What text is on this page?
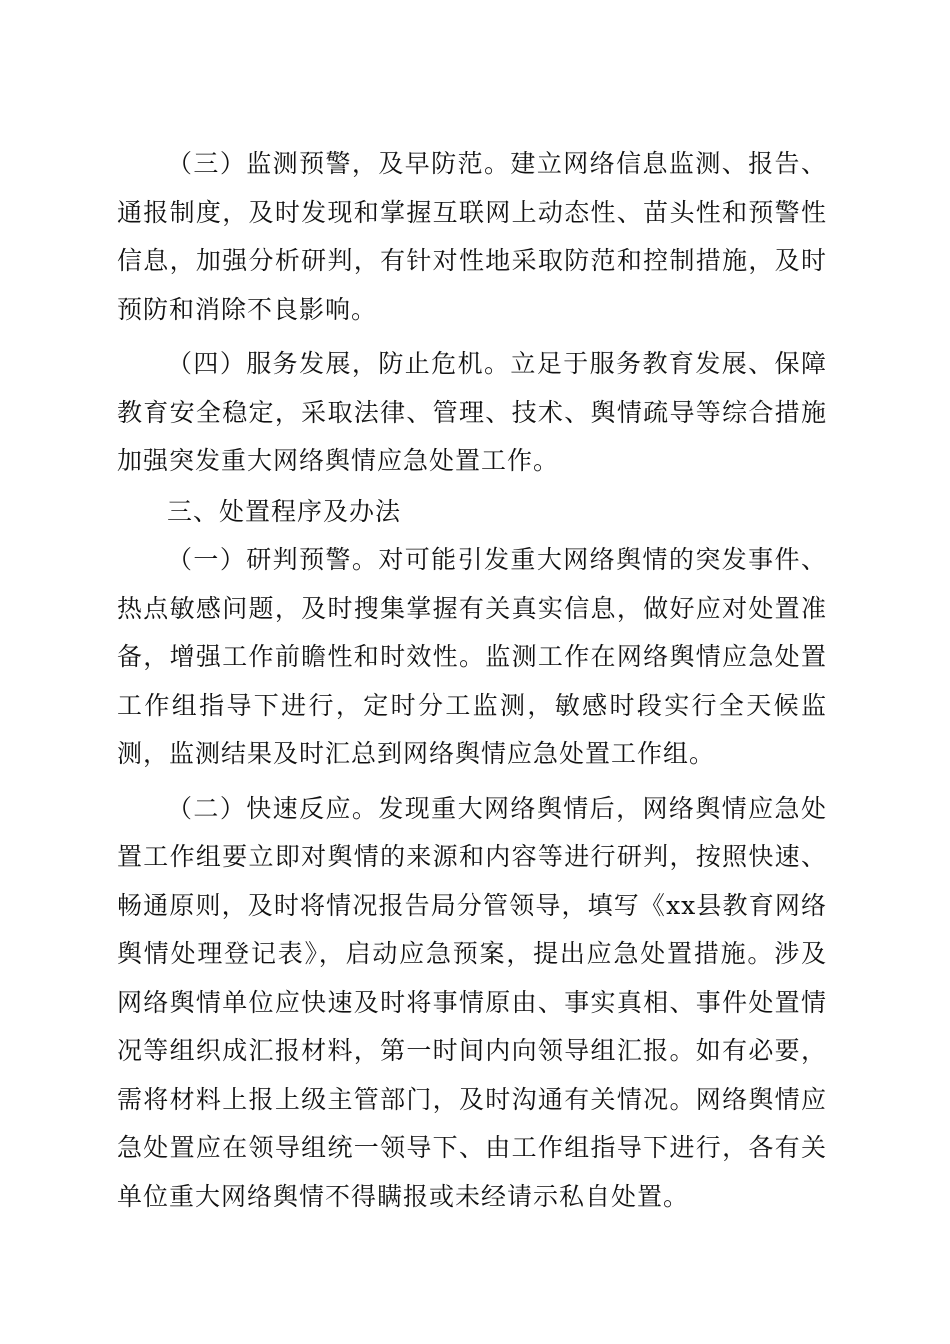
（三）监测预警，及早防范。建立网络信息监测、报告、通报制度，及时发现和掌握互联网上动态性、苗头性和预警性信息，加强分析研判，有针对性地采取防范和控制措施，及时预防和消除不良影响。

（四）服务发展，防止危机。立足于服务教育发展、保障教育安全稳定，采取法律、管理、技术、舆情疏导等综合措施加强突发重大网络舆情应急处置工作。

三、处置程序及办法

（一）研判预警。对可能引发重大网络舆情的突发事件、热点敏感问题，及时搜集掌握有关真实信息，做好应对处置准备，增强工作前瞻性和时效性。监测工作在网络舆情应急处置工作组指导下进行，定时分工监测，敏感时段实行全天候监测，监测结果及时汇总到网络舆情应急处置工作组。

（二）快速反应。发现重大网络舆情后，网络舆情应急处置工作组要立即对舆情的来源和内容等进行研判，按照快速、畅通原则，及时将情况报告局分管领导，填写《xx县教育网络舆情处理登记表》，启动应急预案，提出应急处置措施。涉及网络舆情单位应快速及时将事情原由、事实真相、事件处置情况等组织成汇报材料，第一时间内向领导组汇报。如有必要，需将材料上报上级主管部门，及时沟通有关情况。网络舆情应急处置应在领导组统一领导下、由工作组指导下进行，各有关单位重大网络舆情不得瞒报或未经请示私自处置。
